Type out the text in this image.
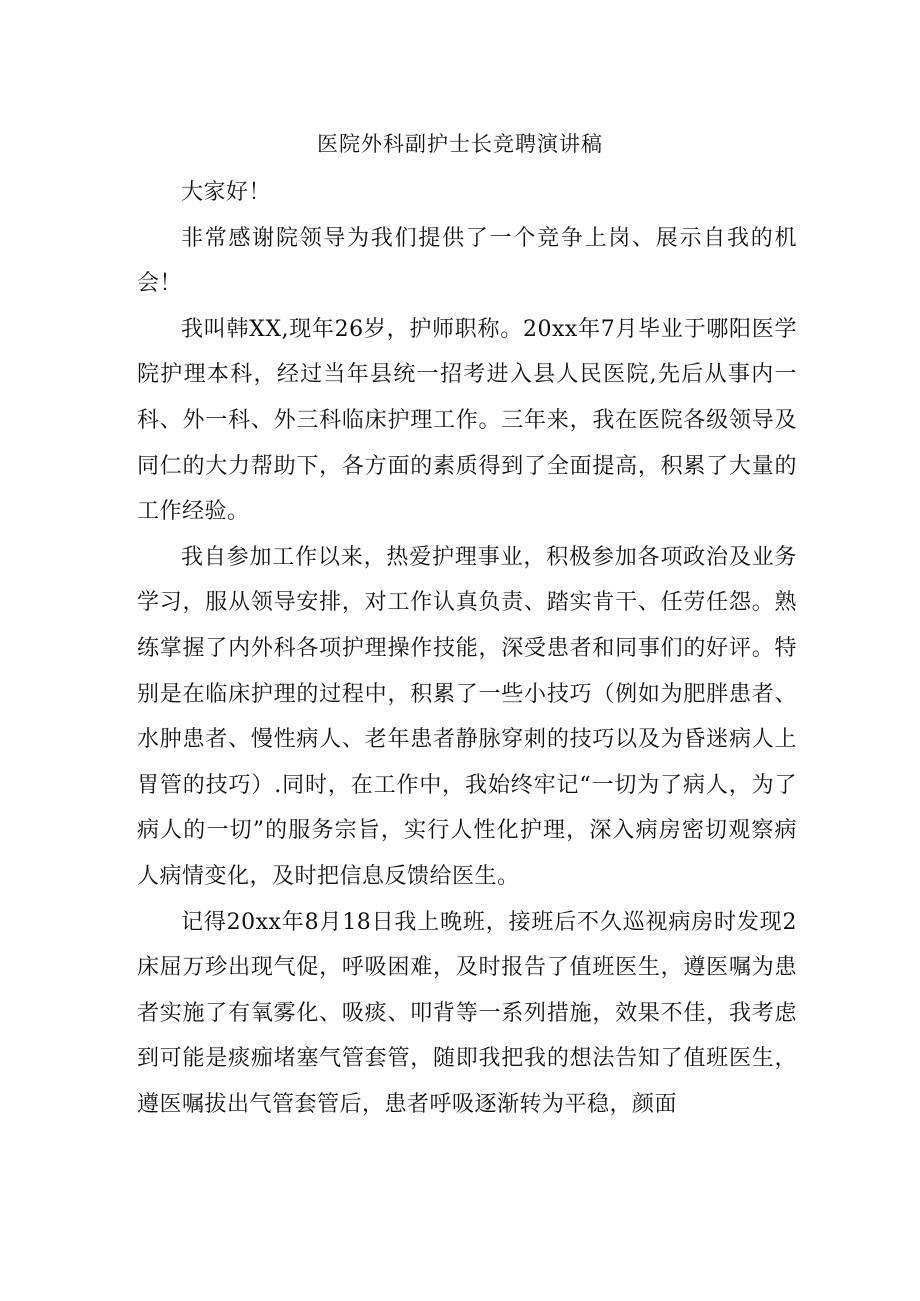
医院外科副护士长竞聘演讲稿

大家好！

非常感谢院领导为我们提供了一个竞争上岗、展示自我的机会！

我叫韩XX,现年26岁，护师职称。20xx年7月毕业于哪阳医学院护理本科，经过当年县统一招考进入县人民医院,先后从事内一科、外一科、外三科临床护理工作。三年来，我在医院各级领导及同仁的大力帮助下，各方面的素质得到了全面提高，积累了大量的工作经验。

我自参加工作以来，热爱护理事业，积极参加各项政治及业务学习，服从领导安排，对工作认真负责、踏实肯干、任劳任怨。熟练掌握了内外科各项护理操作技能，深受患者和同事们的好评。特别是在临床护理的过程中，积累了一些小技巧（例如为肥胖患者、水肿患者、慢性病人、老年患者静脉穿刺的技巧以及为昏迷病人上胃管的技巧）.同时，在工作中，我始终牢记“一切为了病人，为了病人的一切”的服务宗旨，实行人性化护理，深入病房密切观察病人病情变化，及时把信息反馈给医生。

记得20xx年8月18日我上晚班，接班后不久巡视病房时发现2床屈万珍出现气促，呼吸困难，及时报告了值班医生，遵医嘱为患者实施了有氧雾化、吸痰、叩背等一系列措施，效果不佳，我考虑到可能是痰痂堵塞气管套管，随即我把我的想法告知了值班医生，遵医嘱拔出气管套管后，患者呼吸逐渐转为平稳，颜面
